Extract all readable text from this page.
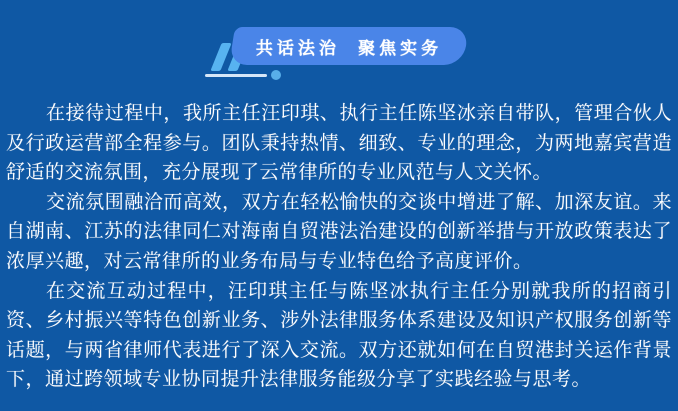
共话法治 聚焦实务

在接待过程中，我所主任汪印琪、执行主任陈坚冰亲自带队，管理合伙人及行政运营部全程参与。团队秉持热情、细致、专业的理念，为两地嘉宾营造舒适的交流氛围，充分展现了云常律所的专业风范与人文关怀。

交流氛围融洽而高效，双方在轻松愉快的交谈中增进了解、加深友谊。来自湖南、江苏的法律同仁对海南自贸港法治建设的创新举措与开放政策表达了浓厚兴趣，对云常律所的业务布局与专业特色给予高度评价。

在交流互动过程中，汪印琪主任与陈坚冰执行主任分别就我所的招商引资、乡村振兴等特色创新业务、涉外法律服务体系建设及知识产权服务创新等话题，与两省律师代表进行了深入交流。双方还就如何在自贸港封关运作背景下，通过跨领域专业协同提升法律服务能级分享了实践经验与思考。
